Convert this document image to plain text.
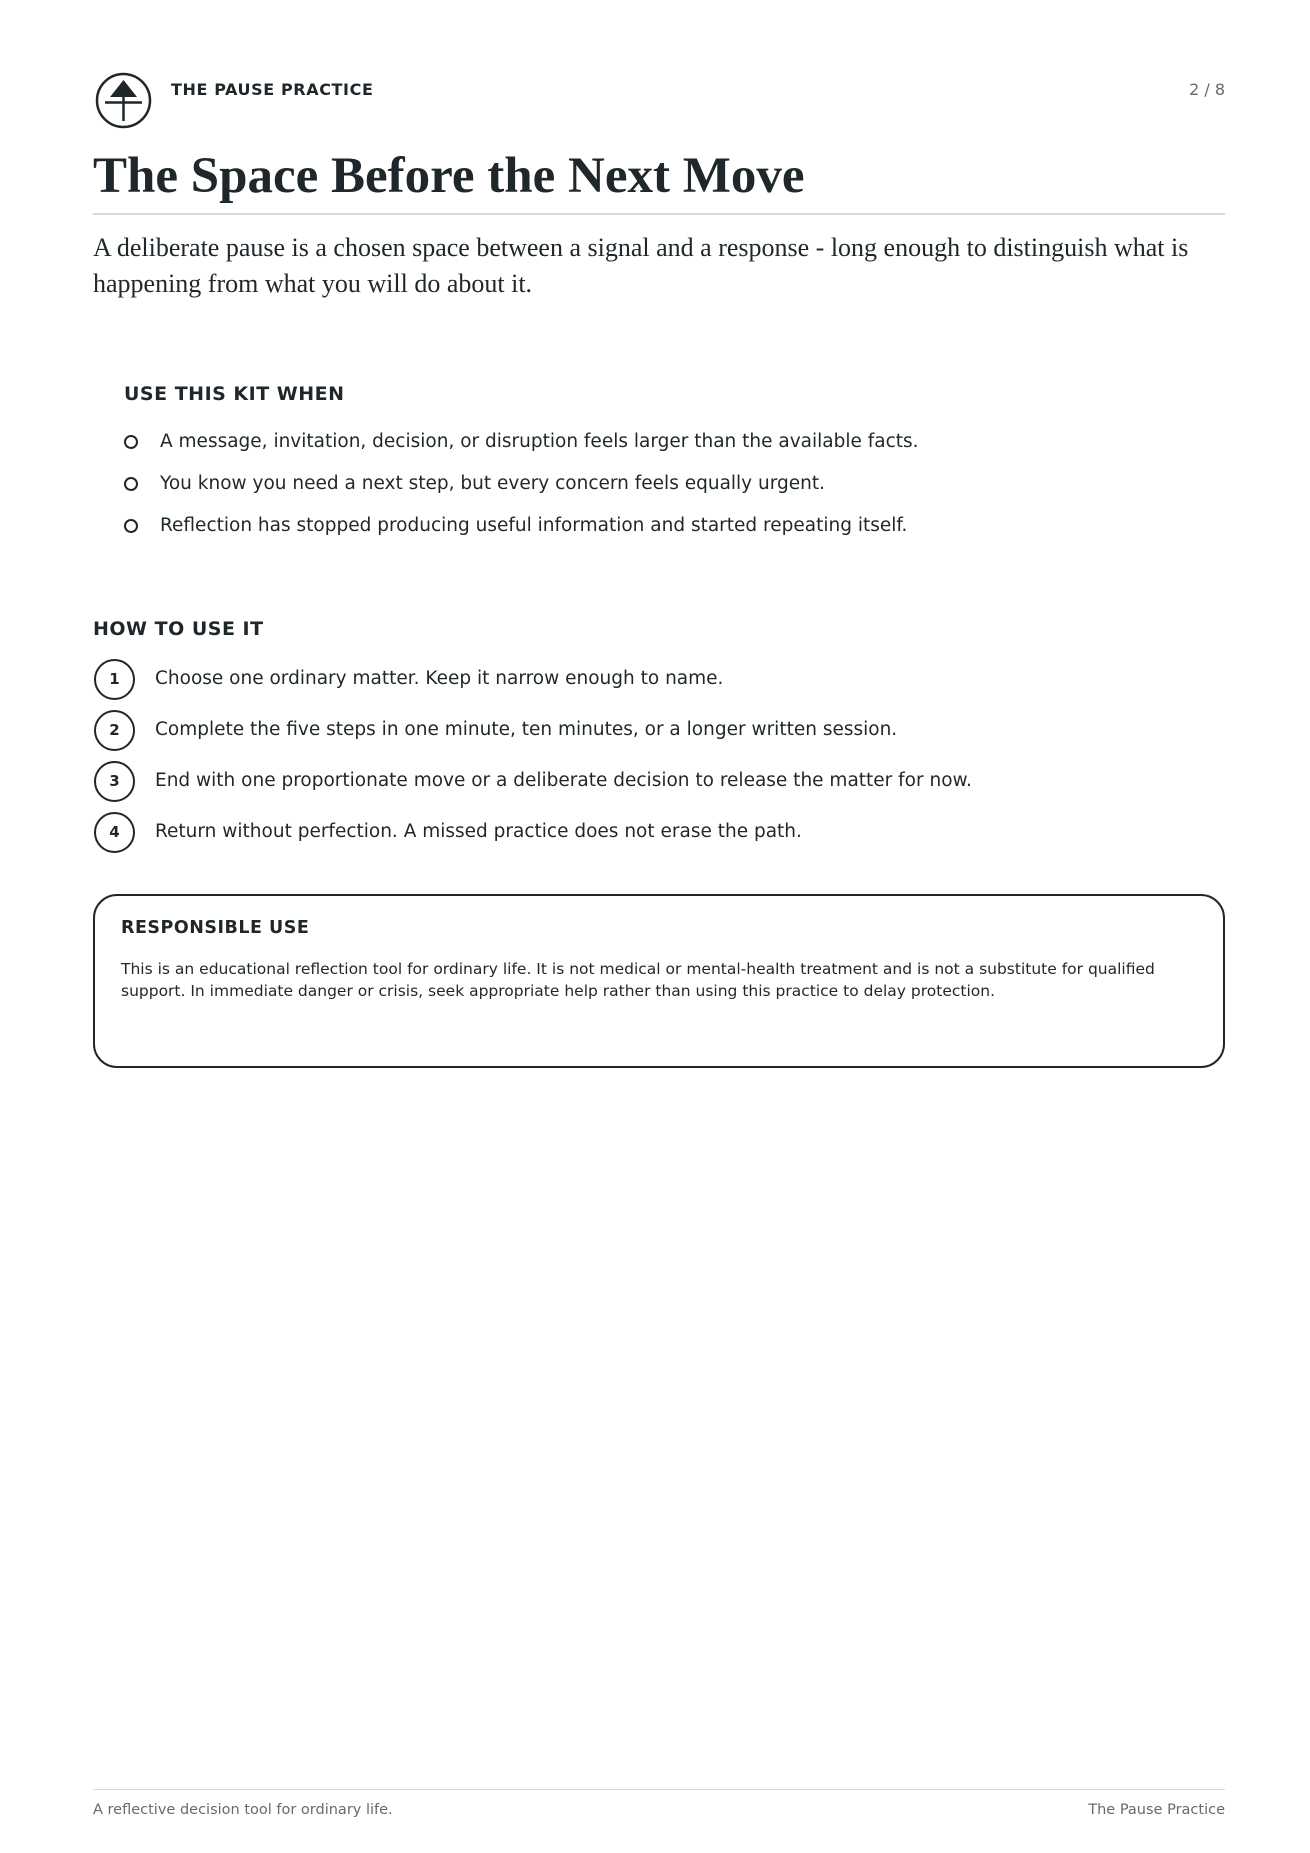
THE PAUSE PRACTICE	2 / 8
The Space Before the Next Move

A deliberate pause is a chosen space between a signal and a response - long enough to distinguish what is happening from what you will do about it.

USE THIS KIT WHEN
A message, invitation, decision, or disruption feels larger than the available facts.
You know you need a next step, but every concern feels equally urgent.
Reflection has stopped producing useful information and started repeating itself.
HOW TO USE IT
1	Choose one ordinary matter. Keep it narrow enough to name.
2	Complete the five steps in one minute, ten minutes, or a longer written session.
3	End with one proportionate move or a deliberate decision to release the matter for now.
4	Return without perfection. A missed practice does not erase the path.
RESPONSIBLE USE

This is an educational reflection tool for ordinary life. It is not medical or mental-health treatment and is not a substitute for qualified support. In immediate danger or crisis, seek appropriate help rather than using this practice to delay protection.

A reflective decision tool for ordinary life.	The Pause Practice
